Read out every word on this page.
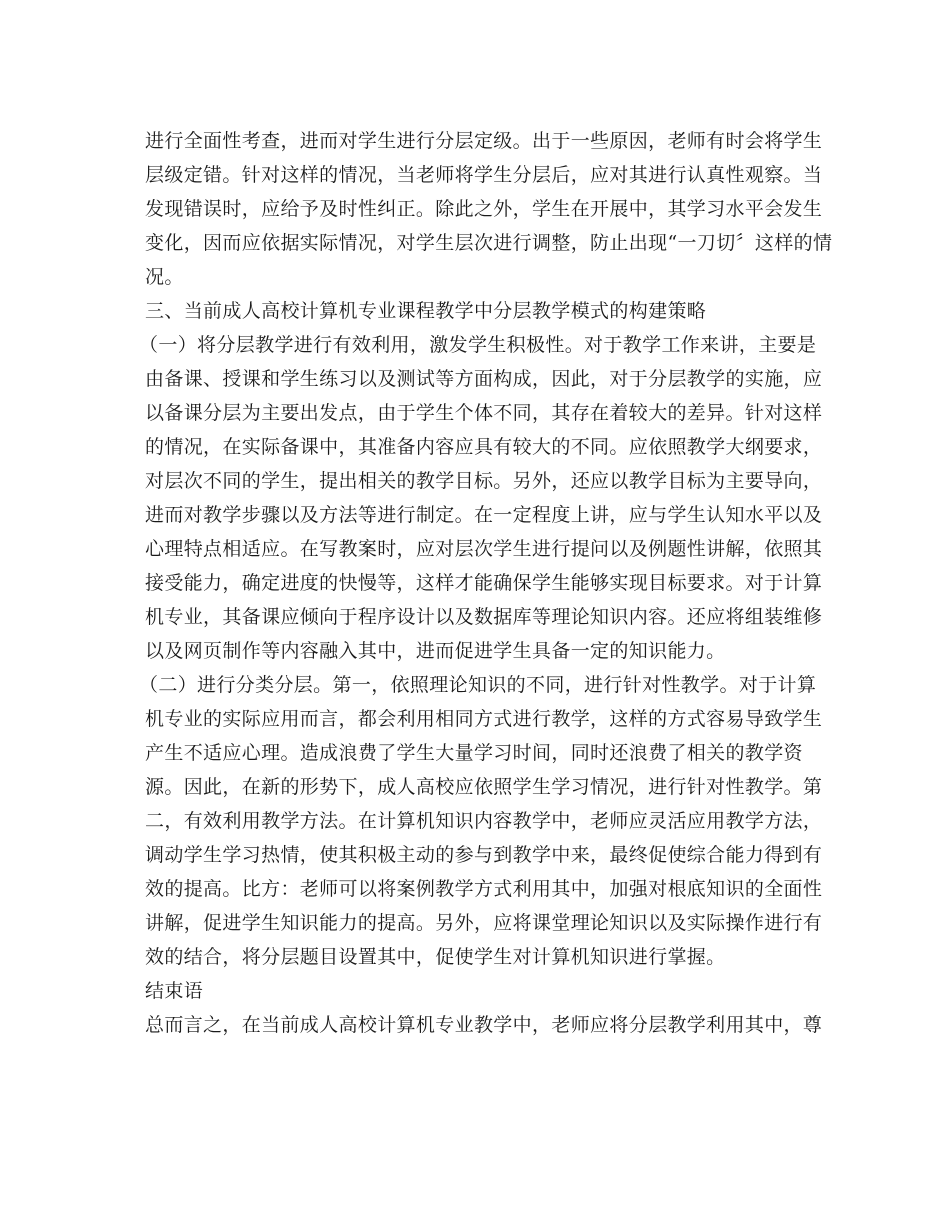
进行全面性考查，进而对学生进行分层定级。出于一些原因，老师有时会将学生
层级定错。针对这样的情况，当老师将学生分层后，应对其进行认真性观察。当
发现错误时，应给予及时性纠正。除此之外，学生在开展中，其学习水平会发生
变化，因而应依据实际情况，对学生层次进行调整，防止出现“一刀切〞这样的情
况。
三、当前成人高校计算机专业课程教学中分层教学模式的构建策略
（一）将分层教学进行有效利用，激发学生积极性。对于教学工作来讲，主要是
由备课、授课和学生练习以及测试等方面构成，因此，对于分层教学的实施，应
以备课分层为主要出发点，由于学生个体不同，其存在着较大的差异。针对这样
的情况，在实际备课中，其准备内容应具有较大的不同。应依照教学大纲要求，
对层次不同的学生，提出相关的教学目标。另外，还应以教学目标为主要导向，
进而对教学步骤以及方法等进行制定。在一定程度上讲，应与学生认知水平以及
心理特点相适应。在写教案时，应对层次学生进行提问以及例题性讲解，依照其
接受能力，确定进度的快慢等，这样才能确保学生能够实现目标要求。对于计算
机专业，其备课应倾向于程序设计以及数据库等理论知识内容。还应将组装维修
以及网页制作等内容融入其中，进而促进学生具备一定的知识能力。
（二）进行分类分层。第一，依照理论知识的不同，进行针对性教学。对于计算
机专业的实际应用而言，都会利用相同方式进行教学，这样的方式容易导致学生
产生不适应心理。造成浪费了学生大量学习时间，同时还浪费了相关的教学资
源。因此，在新的形势下，成人高校应依照学生学习情况，进行针对性教学。第
二，有效利用教学方法。在计算机知识内容教学中，老师应灵活应用教学方法，
调动学生学习热情，使其积极主动的参与到教学中来，最终促使综合能力得到有
效的提高。比方：老师可以将案例教学方式利用其中，加强对根底知识的全面性
讲解，促进学生知识能力的提高。另外，应将课堂理论知识以及实际操作进行有
效的结合，将分层题目设置其中，促使学生对计算机知识进行掌握。
结束语
总而言之，在当前成人高校计算机专业教学中，老师应将分层教学利用其中，尊
